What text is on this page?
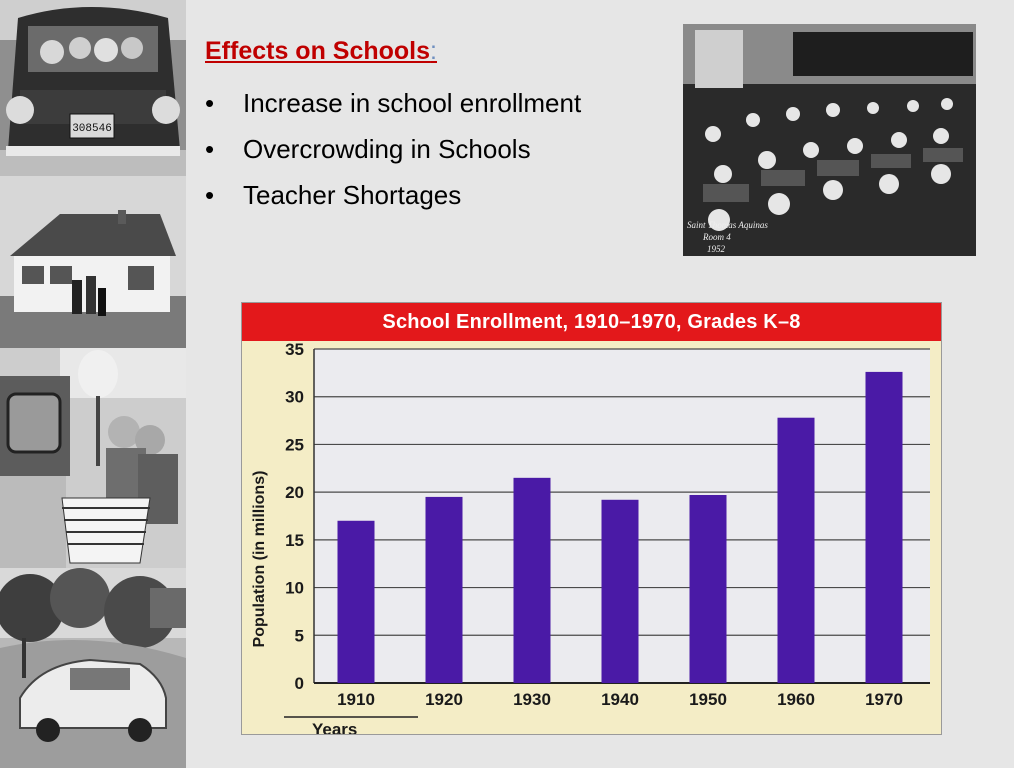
308546
Effects on Schools:
• Increase in school enrollment
• Overcrowding in Schools
• Teacher Shortages
Saint Thomas Aquinas
Room 4
1952
School Enrollment, 1910–1970, Grades K–8
0
5
10
15
20
25
30
35
1910	1920	1930	1940	1950	1960	1970
Population (in millions)
Years
